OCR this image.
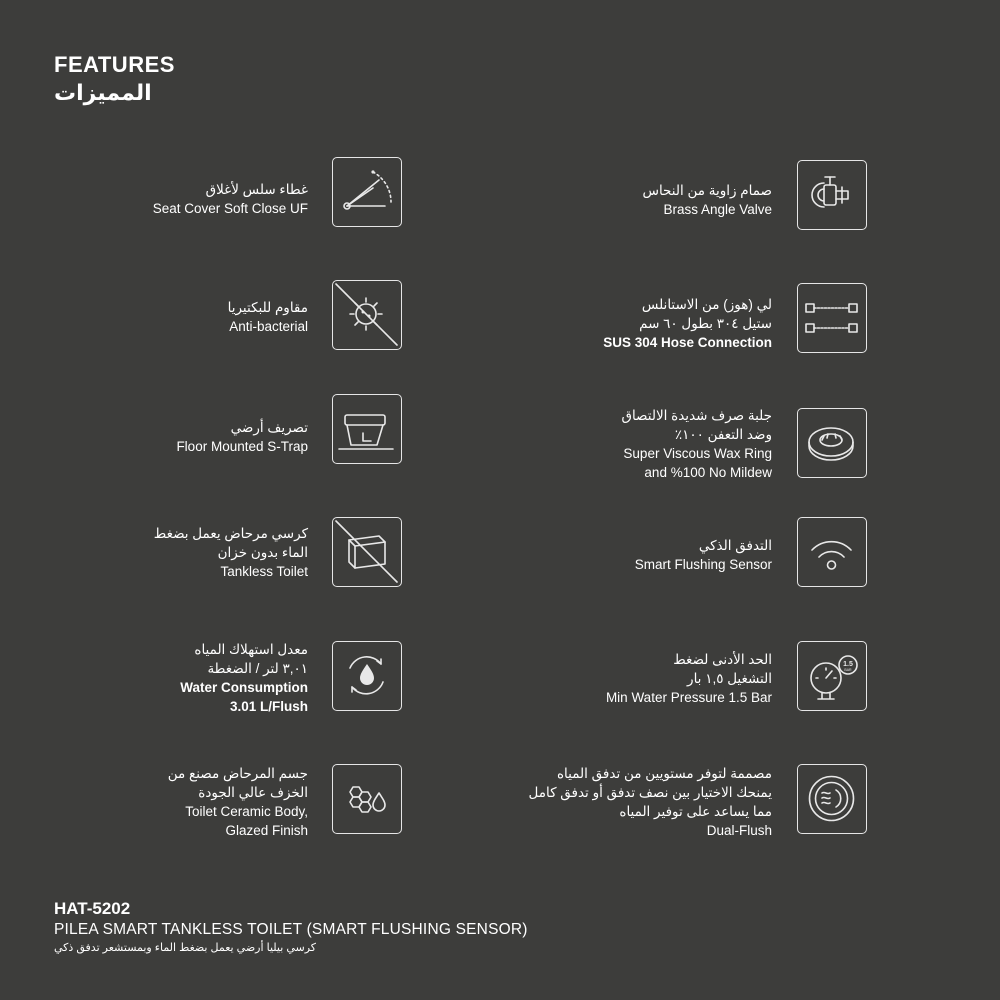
FEATURES
المميزات
غطاء سلس لأغلاق
Seat Cover Soft Close UF
مقاوم للبكتيريا
Anti-bacterial
تصريف أرضي
Floor Mounted S-Trap
كرسي مرحاض يعمل بضغط
الماء بدون خزان
Tankless Toilet
معدل استهلاك المياه
٣,٠١ لتر / الضغطة
Water Consumption
3.01 L/Flush
جسم المرحاض مصنع من
الخزف عالي الجودة
Toilet Ceramic Body,
Glazed Finish
صمام زاوية من النحاس
Brass Angle Valve
لي (هوز) من الاستانلس
ستيل ٣٠٤ بطول ٦٠ سم
SUS 304 Hose Connection
جلبة صرف شديدة الالتصاق
وضد التعفن ١٠٠٪
Super Viscous Wax Ring
and %100 No Mildew
التدفق الذكي
Smart Flushing Sensor
الحد الأدنى لضغط
التشغيل ١,٥ بار
Min Water Pressure 1.5 Bar
1.5
BAR
مصممة لتوفر مستويين من تدفق المياه
يمنحك الاختيار بين نصف تدفق أو تدفق كامل
مما يساعد على توفير المياه
Dual-Flush
HAT-5202
PILEA SMART TANKLESS TOILET (SMART FLUSHING SENSOR)
كرسي بيليا أرضي يعمل بضغط الماء وبمستشعر تدفق ذكي
